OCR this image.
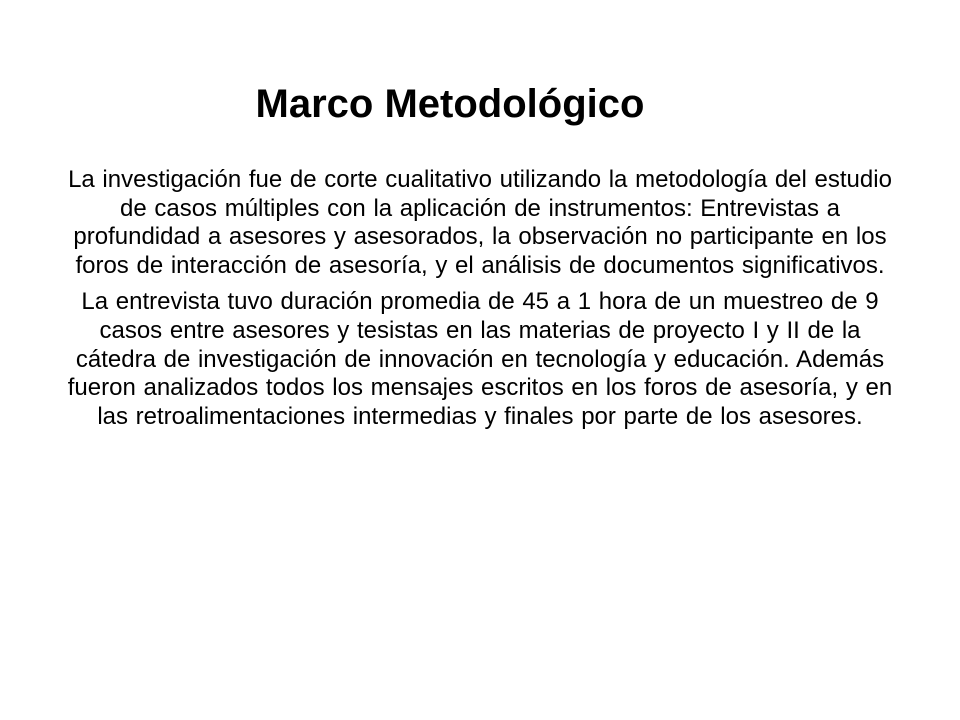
Marco Metodológico

La investigación fue de corte cualitativo utilizando la metodología del estudio de casos múltiples con la aplicación de instrumentos: Entrevistas a profundidad a asesores y asesorados, la observación no participante en los foros de interacción de asesoría, y el análisis de documentos significativos.

La entrevista tuvo duración promedia de 45 a 1 hora de un muestreo de 9 casos entre asesores y tesistas en las materias de proyecto I y II de la cátedra de investigación de innovación en tecnología y educación. Además fueron analizados todos los mensajes escritos en los foros de asesoría, y en las retroalimentaciones intermedias y finales por parte de los asesores.
